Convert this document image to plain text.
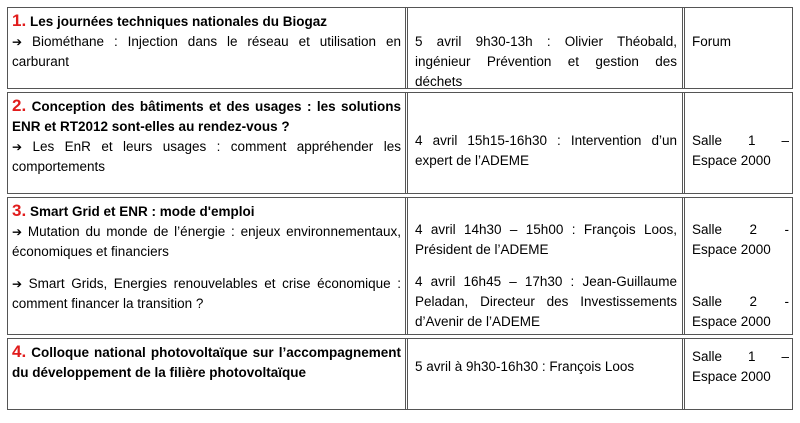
1. Les journées techniques nationales du Biogaz
➔ Biométhane : Injection dans le réseau et utilisation en carburant
5 avril 9h30-13h : Olivier Théobald, ingénieur Prévention et gestion des déchets
Forum
2. Conception des bâtiments et des usages : les solutions ENR et RT2012 sont-elles au rendez-vous ?
➔ Les EnR et leurs usages : comment appréhender les comportements
4 avril 15h15-16h30 : Intervention d’un expert de l’ADEME
Salle 1 – Espace 2000
3. Smart Grid et ENR : mode d'emploi
➔ Mutation du monde de l’énergie : enjeux environnementaux, économiques et financiers
➔ Smart Grids, Energies renouvelables et crise économique : comment financer la transition ?
4 avril 14h30 – 15h00 : François Loos, Président de l’ADEME
4 avril 16h45 – 17h30 : Jean-Guillaume Peladan, Directeur des Investissements d’Avenir de l’ADEME
Salle 2 - Espace 2000
Salle 2 - Espace 2000
4. Colloque national photovoltaïque sur l’accompagnement du développement de la filière photovoltaïque	5 avril à 9h30-16h30 : François Loos
Salle 1 – Espace 2000
